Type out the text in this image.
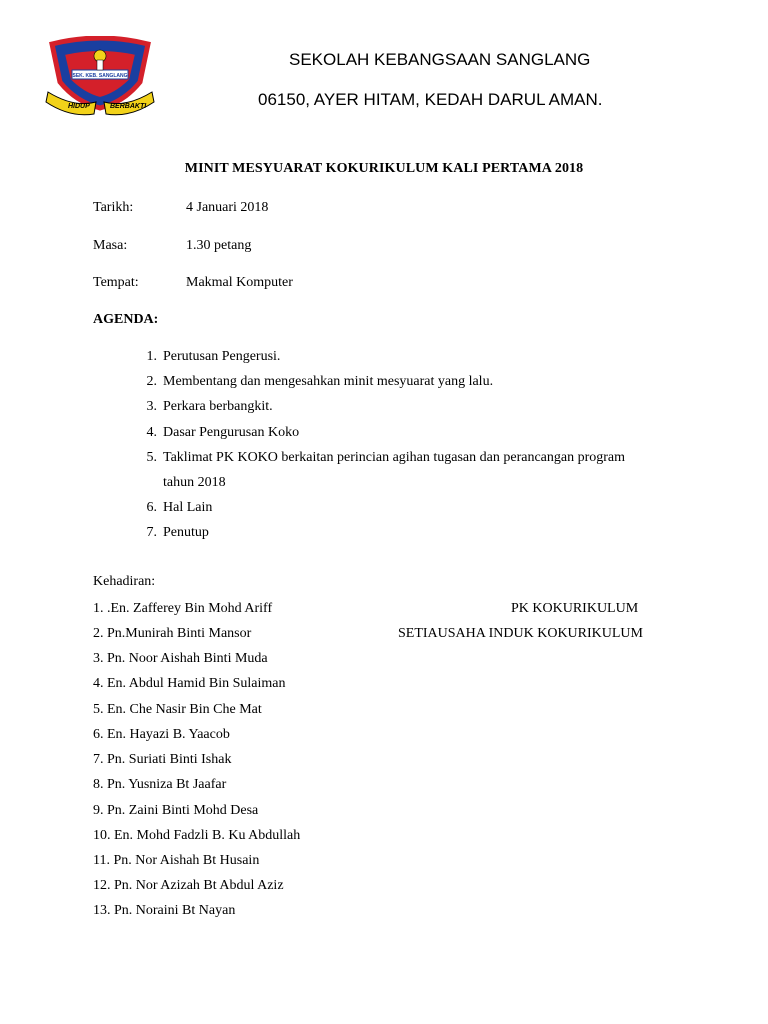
SEK. KEB. SANGLANG
HIDUP	BERBAKTI
SEKOLAH KEBANGSAAN SANGLANG
06150, AYER HITAM, KEDAH DARUL AMAN.
MINIT MESYUARAT KOKURIKULUM KALI PERTAMA 2018
Tarikh:	4 Januari 2018
Masa:	1.30 petang
Tempat:	Makmal Komputer
AGENDA:
1. Perutusan Pengerusi.
2. Membentang dan mengesahkan minit mesyuarat yang lalu.
3. Perkara berbangkit.
4. Dasar Pengurusan Koko
5. Taklimat PK KOKO berkaitan perincian agihan tugasan dan perancangan program
tahun 2018
6. Hal Lain
7. Penutup
Kehadiran:
1. .En. Zafferey Bin Mohd Ariff	PK KOKURIKULUM
2. Pn.Munirah Binti Mansor	SETIAUSAHA INDUK KOKURIKULUM
3. Pn. Noor Aishah Binti Muda
4. En. Abdul Hamid Bin Sulaiman
5. En. Che Nasir Bin Che Mat
6. En. Hayazi B. Yaacob
7. Pn. Suriati Binti Ishak
8. Pn. Yusniza Bt Jaafar
9. Pn. Zaini Binti Mohd Desa
10. En. Mohd Fadzli B. Ku Abdullah
11. Pn. Nor Aishah Bt Husain
12. Pn. Nor Azizah Bt Abdul Aziz
13. Pn. Noraini Bt Nayan
